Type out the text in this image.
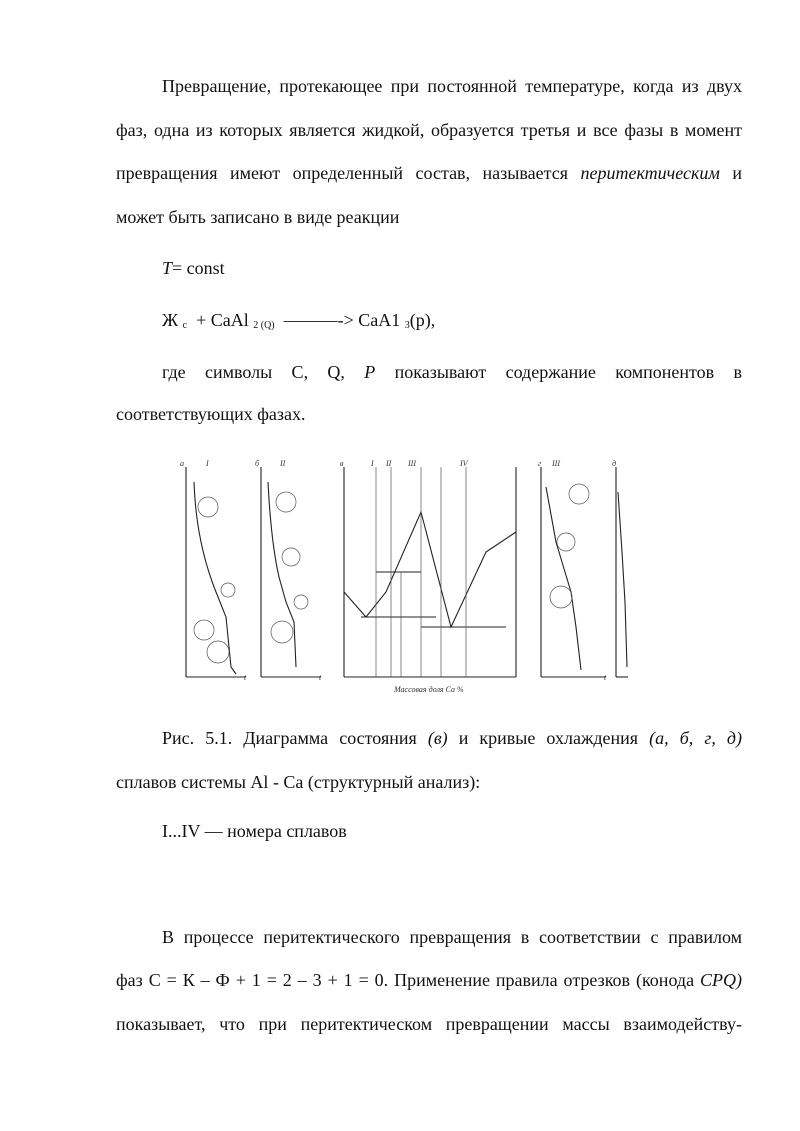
Превращение, протекающее при постоянной температуре, когда из двух
фаз, одна из которых является жидкой, образуется третья и все фазы в момент
превращения имеют определенный состав, называется перитектическим и
может быть записано в виде реакции
T= const
Ж $_c$ + CaAl $_{2 (Q)}$ ———-> CaA1 $_3$(p),
где символы С, Q, P показывают содержание компонентов в
соответствующих фазах.
а	I
t
б	II
t
в	I II III	IV
Массовая доля Ca %
г III
t
д
Рис. 5.1. Диаграмма состояния (в) и кривые охлаждения (а, б, г, д)
сплавов системы Al - Ca (структурный анализ):
I...IV — номера сплавов
В процессе перитектического превращения в соответствии с правилом
фаз С = К – Ф + 1 = 2 – 3 + 1 = 0. Применение правила отрезков (конода CPQ)
показывает, что при перитектическом превращении массы взаимодейству-
